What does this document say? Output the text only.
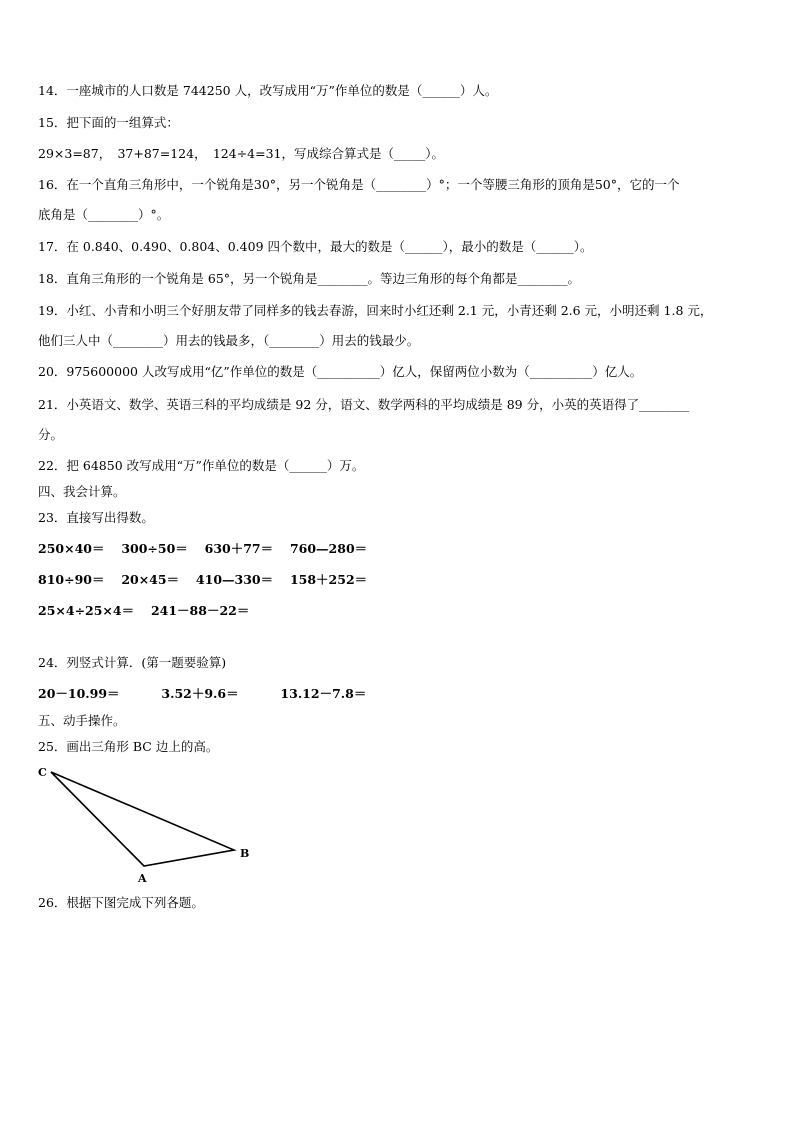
14．一座城市的人口数是 744250 人，改写成用“万”作单位的数是（______）人。
15．把下面的一组算式：
29×3=87，　37+87=124，　124÷4=31，写成综合算式是（_____）。
16．在一个直角三角形中，一个锐角是30°，另一个锐角是（________）°；一个等腰三角形的顶角是50°，它的一个
底角是（________）°。
17．在 0.840、0.490、0.804、0.409 四个数中，最大的数是（______），最小的数是（______）。
18．直角三角形的一个锐角是 65°，另一个锐角是________。等边三角形的每个角都是________。
19．小红、小青和小明三个好朋友带了同样多的钱去春游，回来时小红还剩 2.1 元，小青还剩 2.6 元，小明还剩 1.8 元，
他们三人中（________）用去的钱最多，（________）用去的钱最少。
20．975600000 人改写成用“亿”作单位的数是（__________）亿人，保留两位小数为（__________）亿人。
21．小英语文、数学、英语三科的平均成绩是 92 分，语文、数学两科的平均成绩是 89 分，小英的英语得了________
分。
22．把 64850 改写成用“万”作单位的数是（______）万。
四、我会计算。
23．直接写出得数。
250×40＝　 300÷50＝　 630＋77＝　 760—280＝
810÷90＝　 20×45＝　 410—330＝　 158＋252＝
25×4÷25×4＝　 241－88－22＝
24．列竖式计算．(第一题要验算)
20－10.99＝　　　 3.52＋9.6＝　　　 13.12－7.8＝
五、动手操作。
25．画出三角形 BC 边上的高。
C
A
B
26．根据下图完成下列各题。
